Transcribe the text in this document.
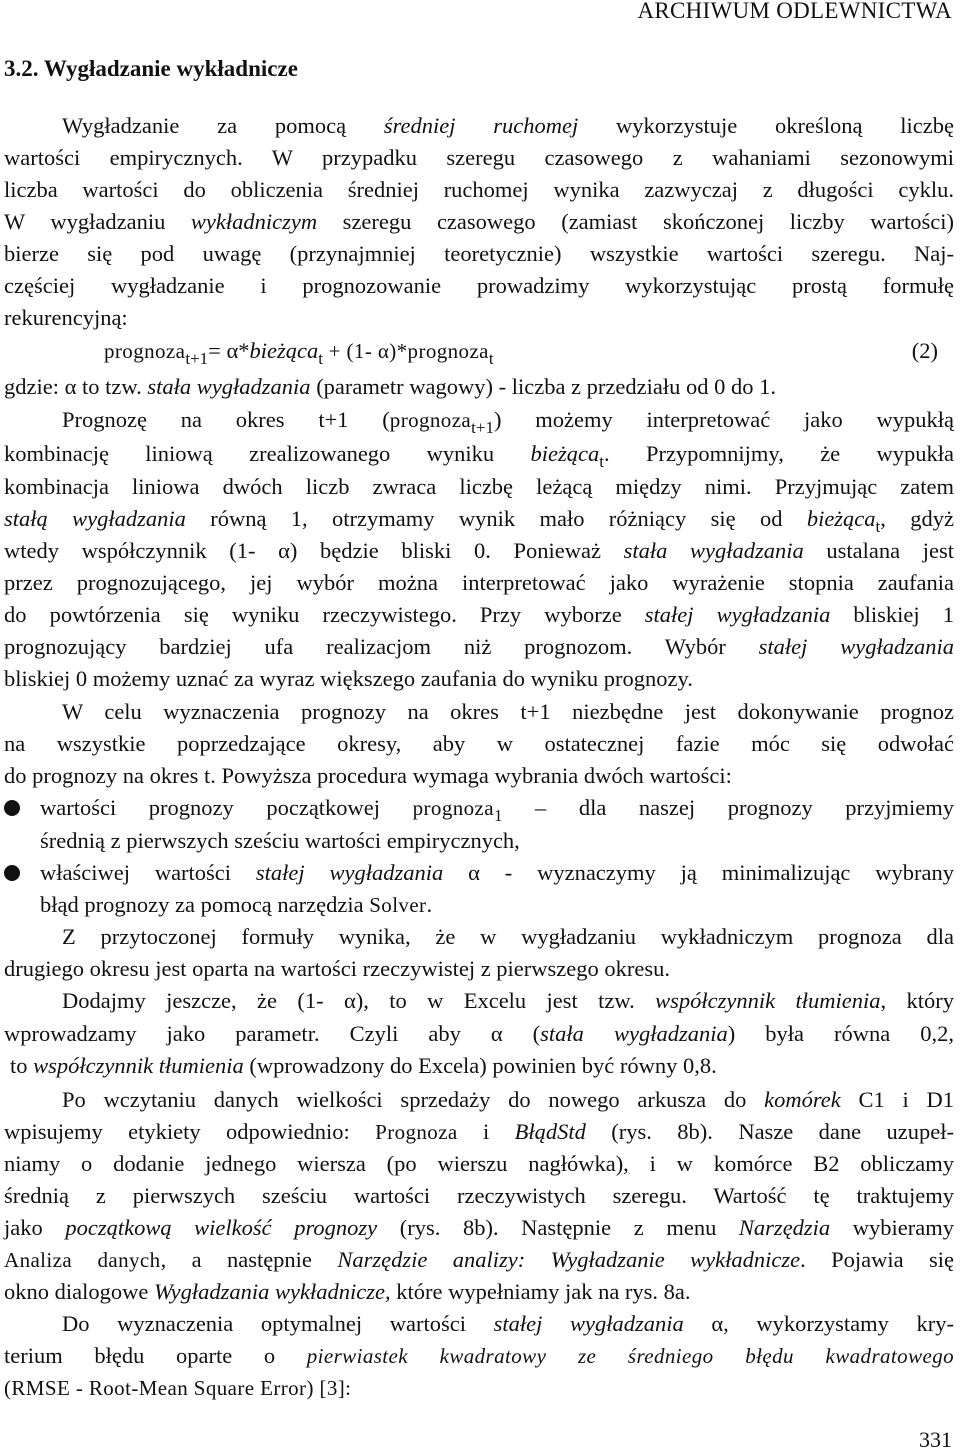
ARCHIWUM ODLEWNICTWA
3.2. Wygładzanie wykładnicze
Wygładzanie za pomocą średniej ruchomej wykorzystuje określoną liczbę
wartości empirycznych. W przypadku szeregu czasowego z wahaniami sezonowymi
liczba wartości do obliczenia średniej ruchomej wynika zazwyczaj z długości cyklu.
W wygładzaniu wykładniczym szeregu czasowego (zamiast skończonej liczby wartości)
bierze się pod uwagę (przynajmniej teoretycznie) wszystkie wartości szeregu. Naj-
częściej wygładzanie i prognozowanie prowadzimy wykorzystując prostą formułę
rekurencyjną:
prognoza$_{t+1}$= α*bieżąca$_t$ + (1- α)*prognoza$_t$	(2)
gdzie: α to tzw. stała wygładzania (parametr wagowy) - liczba z przedziału od 0 do 1.
Prognozę na okres t+1 (prognoza$_{t+1}$) możemy interpretować jako wypukłą
kombinację liniową zrealizowanego wyniku bieżąca$_t$. Przypomnijmy, że wypukła
kombinacja liniowa dwóch liczb zwraca liczbę leżącą między nimi. Przyjmując zatem
stałą wygładzania równą 1, otrzymamy wynik mało różniący się od bieżąca$_t$, gdyż
wtedy współczynnik (1- α) będzie bliski 0. Ponieważ stała wygładzania ustalana jest
przez prognozującego, jej wybór można interpretować jako wyrażenie stopnia zaufania
do powtórzenia się wyniku rzeczywistego. Przy wyborze stałej wygładzania bliskiej 1
prognozujący bardziej ufa realizacjom niż prognozom. Wybór stałej wygładzania
bliskiej 0 możemy uznać za wyraz większego zaufania do wyniku prognozy.
W celu wyznaczenia prognozy na okres t+1 niezbędne jest dokonywanie prognoz
na wszystkie poprzedzające okresy, aby w ostatecznej fazie móc się odwołać
do prognozy na okres t. Powyższa procedura wymaga wybrania dwóch wartości:
wartości prognozy początkowej prognoza$_1$ – dla naszej prognozy przyjmiemy
średnią z pierwszych sześciu wartości empirycznych,
właściwej wartości stałej wygładzania α - wyznaczymy ją minimalizując wybrany
błąd prognozy za pomocą narzędzia Solver.
Z przytoczonej formuły wynika, że w wygładzaniu wykładniczym prognoza dla
drugiego okresu jest oparta na wartości rzeczywistej z pierwszego okresu.
Dodajmy jeszcze, że (1- α), to w Excelu jest tzw. współczynnik tłumienia, który
wprowadzamy jako parametr. Czyli aby α (stała wygładzania) była równa 0,2,
to współczynnik tłumienia (wprowadzony do Excela) powinien być równy 0,8.
Po wczytaniu danych wielkości sprzedaży do nowego arkusza do komórek C1 i D1
wpisujemy etykiety odpowiednio: Prognoza i BłądStd (rys. 8b). Nasze dane uzupeł-
niamy o dodanie jednego wiersza (po wierszu nagłówka), i w komórce B2 obliczamy
średnią z pierwszych sześciu wartości rzeczywistych szeregu. Wartość tę traktujemy
jako początkową wielkość prognozy (rys. 8b). Następnie z menu Narzędzia wybieramy
Analiza danych, a następnie Narzędzie analizy: Wygładzanie wykładnicze. Pojawia się
okno dialogowe Wygładzania wykładnicze, które wypełniamy jak na rys. 8a.
Do wyznaczenia optymalnej wartości stałej wygładzania α, wykorzystamy kry-
terium błędu oparte o pierwiastek kwadratowy ze średniego błędu kwadratowego
(RMSE - Root-Mean Square Error) [3]:
331
